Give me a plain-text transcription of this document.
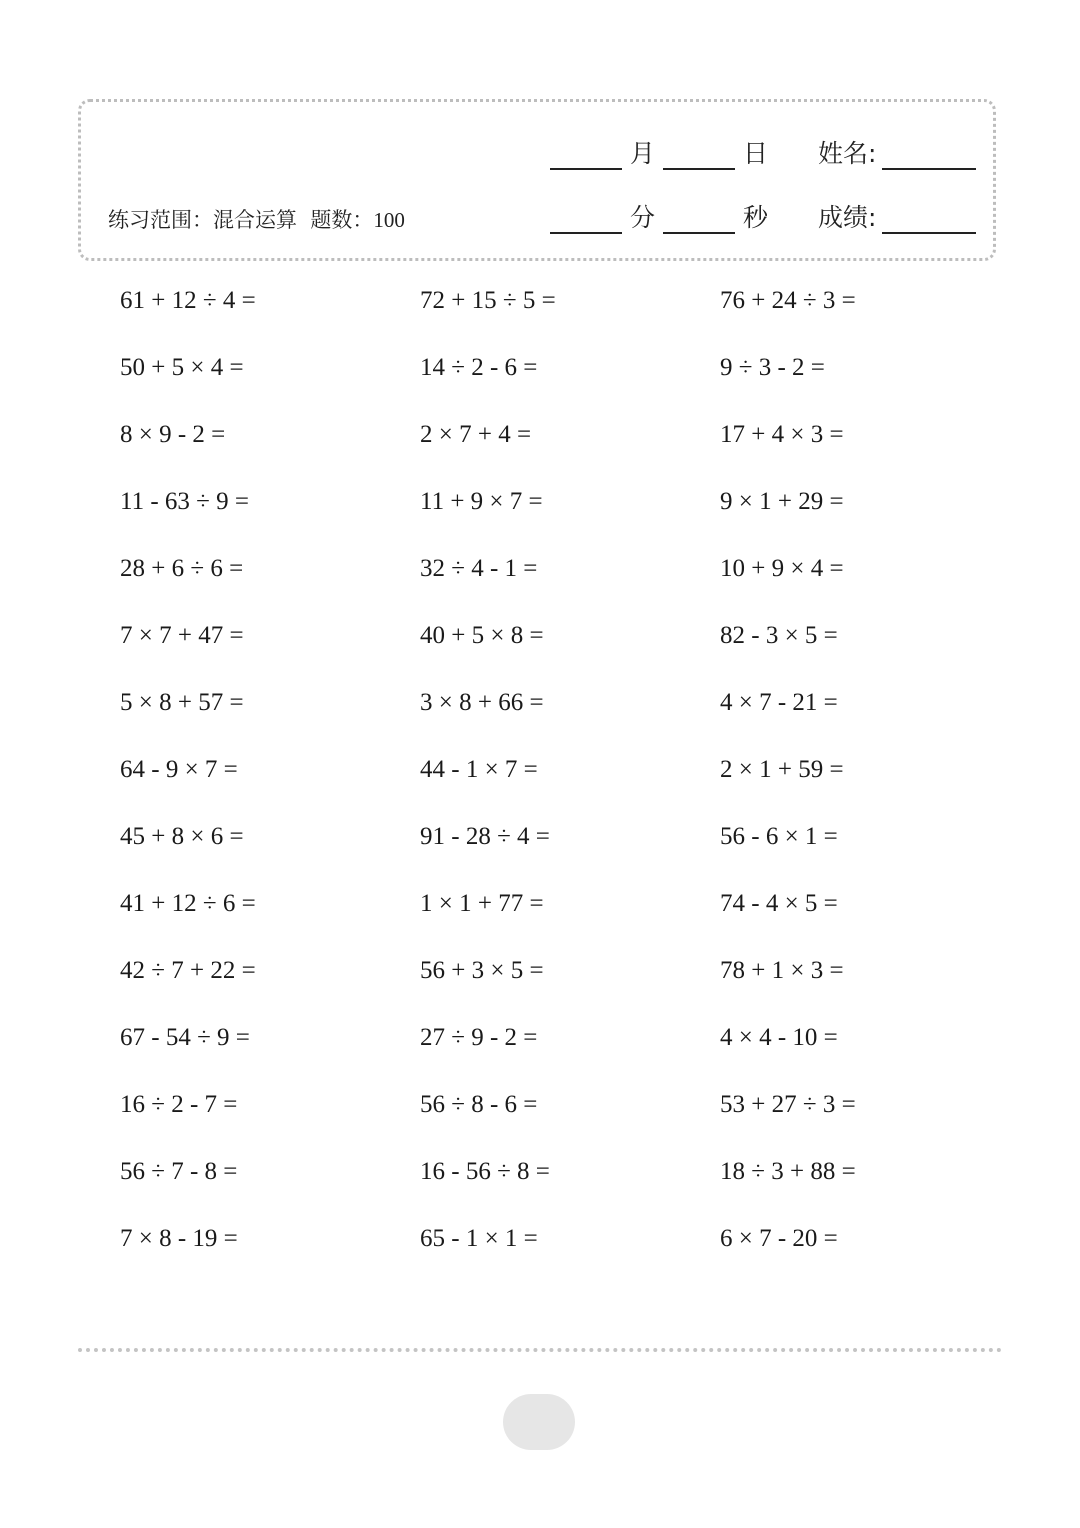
月	日 姓名:
分	秒 成绩:
练习范围：混合运算  题数：100
61 + 12 ÷ 4 =	72 + 15 ÷ 5 =	76 + 24 ÷ 3 =
50 + 5 × 4 =	14 ÷ 2 - 6 =	9 ÷ 3 - 2 =
8 × 9 - 2 =	2 × 7 + 4 =	17 + 4 × 3 =
11 - 63 ÷ 9 =	11 + 9 × 7 =	9 × 1 + 29 =
28 + 6 ÷ 6 =	32 ÷ 4 - 1 =	10 + 9 × 4 =
7 × 7 + 47 =	40 + 5 × 8 =	82 - 3 × 5 =
5 × 8 + 57 =	3 × 8 + 66 =	4 × 7 - 21 =
64 - 9 × 7 =	44 - 1 × 7 =	2 × 1 + 59 =
45 + 8 × 6 =	91 - 28 ÷ 4 =	56 - 6 × 1 =
41 + 12 ÷ 6 =	1 × 1 + 77 =	74 - 4 × 5 =
42 ÷ 7 + 22 =	56 + 3 × 5 =	78 + 1 × 3 =
67 - 54 ÷ 9 =	27 ÷ 9 - 2 =	4 × 4 - 10 =
16 ÷ 2 - 7 =	56 ÷ 8 - 6 =	53 + 27 ÷ 3 =
56 ÷ 7 - 8 =	16 - 56 ÷ 8 =	18 ÷ 3 + 88 =
7 × 8 - 19 =	65 - 1 × 1 =	6 × 7 - 20 =
